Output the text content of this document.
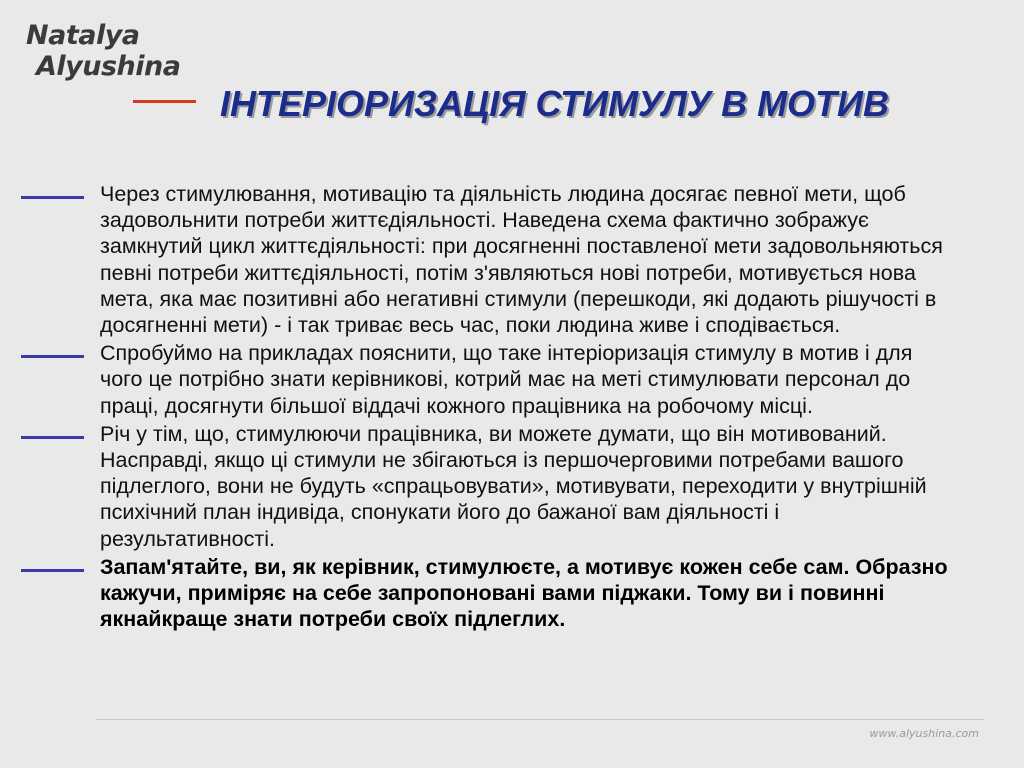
Natalya
Alyushina
ІНТЕРІОРИЗАЦІЯ СТИМУЛУ В МОТИВ

Через стимулювання, мотивацію та діяльність людина досягає певної мети, щоб задовольнити потреби життєдіяльності. Наведена схема фактично зображує замкнутий цикл життєдіяльності: при досягненні поставленої мети задовольняються певні потреби життєдіяльності, потім з'являються нові потреби, мотивується нова мета, яка має позитивні або негативні стимули (перешкоди, які додають рішучості в досягненні мети) - і так триває весь час, поки людина живе і сподівається.

Спробуймо на прикладах пояснити, що таке інтеріоризація стимулу в мотив і для чого це потрібно знати керівникові, котрий має на меті стимулювати персонал до праці, досягнути більшої віддачі кожного працівника на робочому місці.

Річ у тім, що, стимулюючи працівника, ви можете думати, що він мотивований. Насправді, якщо ці стимули не збігаються із першочерговими потребами вашого підлеглого, вони не будуть «спрацьовувати», мотивувати, переходити у внутрішній психічний план індивіда, спонукати його до бажаної вам діяльності і результативності.

Запам'ятайте, ви, як керівник, стимулюєте, а мотивує кожен себе сам. Образно кажучи, приміряє на себе запропоновані вами піджаки. Тому ви і повинні якнайкраще знати потреби своїх підлеглих.

www.alyushina.com
